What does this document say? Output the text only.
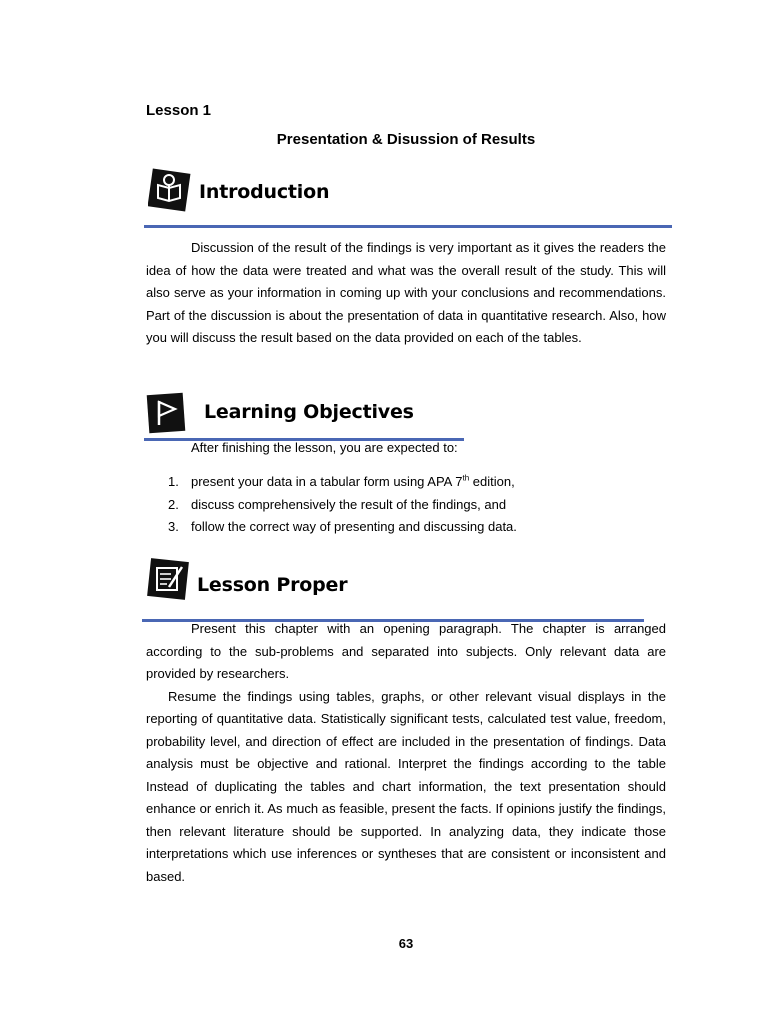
Lesson 1
Presentation & Disussion of Results
Introduction

Discussion of the result of the findings is very important as it gives the readers the idea of how the data were treated and what was the overall result of the study. This will also serve as your information in coming up with your conclusions and recommendations. Part of the discussion is about the presentation of data in quantitative research. Also, how you will discuss the result based on the data provided on each of the tables.

Learning Objectives

After finishing the lesson, you are expected to:

1. present your data in a tabular form using APA 7th edition,
2. discuss comprehensively the result of the findings, and
3. follow the correct way of presenting and discussing data.
Lesson Proper

Present this chapter with an opening paragraph. The chapter is arranged according to the sub-problems and separated into subjects. Only relevant data are provided by researchers.

Resume the findings using tables, graphs, or other relevant visual displays in the reporting of quantitative data. Statistically significant tests, calculated test value, freedom, probability level, and direction of effect are included in the presentation of findings. Data analysis must be objective and rational. Interpret the findings according to the table Instead of duplicating the tables and chart information, the text presentation should enhance or enrich it. As much as feasible, present the facts. If opinions justify the findings, then relevant literature should be supported. In analyzing data, they indicate those interpretations which use inferences or syntheses that are consistent or inconsistent and based.

63
